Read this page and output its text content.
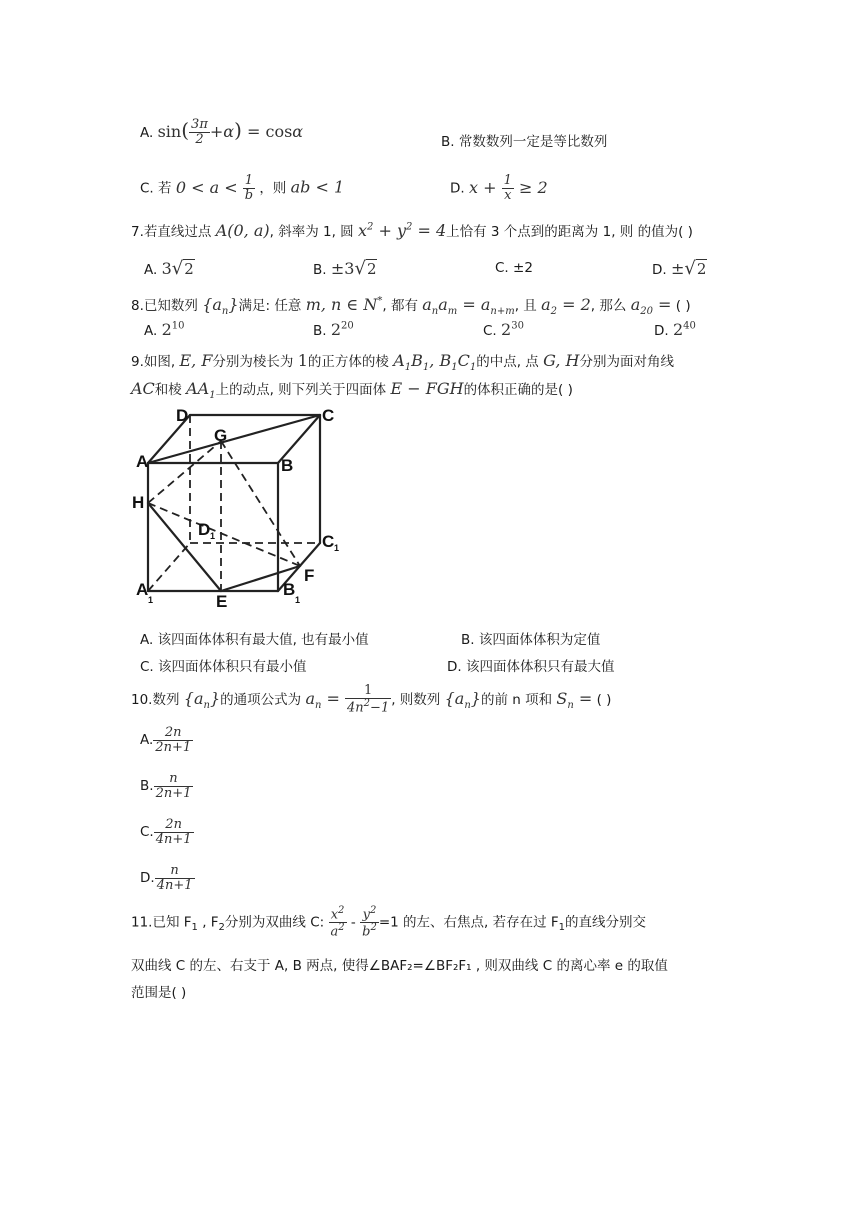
A. $\sin( \frac{3\pi}{2} +\alpha) = \cos\alpha$
B. 常数数列一定是等比数列
C. 若 $0 < a < \frac{1}{b}$ ，则 ab < 1	D. $x + \frac{1}{x} \ge 2$
7.若直线过点 A(0, a), 斜率为 1, 圆 $x^2 + y^2 = 4$上恰有 3 个点到的距离为 1, 则 的值为( )
A. 3√2	B. ±3√2	C. ±2	D. ±√2
8.已知数列 $\{a_n\}$满足: 任意 m, n ∈ N*, 都有 $a_na_m = a_{n+m}$, 且 $a_2 = 2$, 那么 $a_{20}$ = ( )
A. $2^{10}$	B. $2^{20}$	C. $2^{30}$	D. $2^{40}$
9.如图, E, F分别为棱长为 1的正方体的棱 $A_1B_1$, $B_1C_1$的中点, 点 G, H分别为面对角线
AC和棱 $AA_1$上的动点, 则下列关于四面体 E − FGH的体积正确的是( )
D	C
G
A	B
H
D 1	C 1
F
A
1	E
B
1
A. 该四面体体积有最大值, 也有最小值	B. 该四面体体积为定值
C. 该四面体体积只有最小值	D. 该四面体体积只有最大值
10.数列 $\{a_n\}$的通项公式为 $a_n = \frac{1}{4n^2-1}$ , 则数列 $\{a_n\}$的前 n 项和 $S_n$ = ( )
A. $\frac{2n}{2n+1}$
B. $\frac{n}{2n+1}$
C. $\frac{2n}{4n+1}$
D. $\frac{n}{4n+1}$
11.已知 $F_1$ , $F_2$分别为双曲线 C: $\frac{x^2}{a^2} - \frac{y^2}{b^2} =1$ 的左、右焦点, 若存在过 $F_1$的直线分别交
双曲线 C 的左、右支于 A, B 两点, 使得∠BAF₂=∠BF₂F₁ , 则双曲线 C 的离心率 e 的取值
范围是( )
